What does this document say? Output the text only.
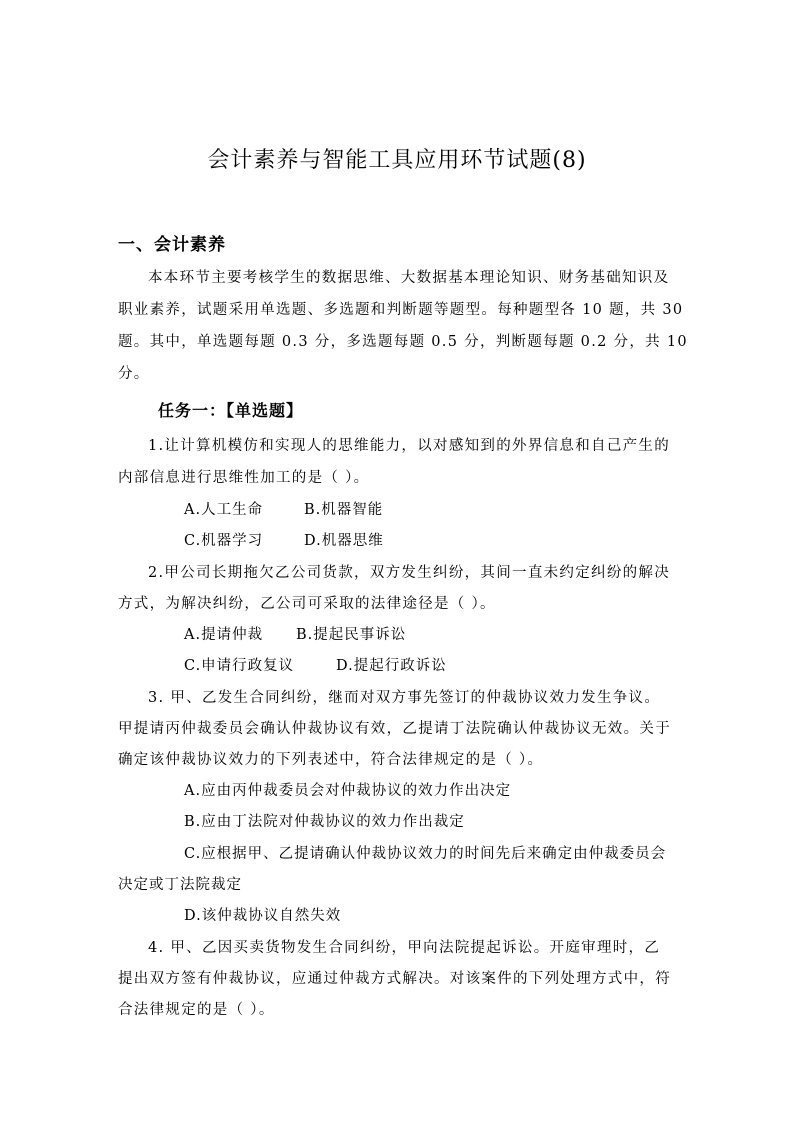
会计素养与智能工具应用环节试题(8)
一、会计素养
本本环节主要考核学生的数据思维、大数据基本理论知识、财务基础知识及
职业素养，试题采用单选题、多选题和判断题等题型。每种题型各 10 题，共 30
题。其中，单选题每题 0.3 分，多选题每题 0.5 分，判断题每题 0.2 分，共 10
分。
任务一：【单选题】
1.让计算机模仿和实现人的思维能力，以对感知到的外界信息和自己产生的
内部信息进行思维性加工的是（ ）。
A.人工生命	B.机器智能
C.机器学习	D.机器思维
2.甲公司长期拖欠乙公司货款，双方发生纠纷，其间一直未约定纠纷的解决
方式，为解决纠纷，乙公司可采取的法律途径是（ ）。
A.提请仲裁 B.提起民事诉讼
C.申请行政复议	D.提起行政诉讼
3. 甲、乙发生合同纠纷，继而对双方事先签订的仲裁协议效力发生争议。
甲提请丙仲裁委员会确认仲裁协议有效，乙提请丁法院确认仲裁协议无效。关于
确定该仲裁协议效力的下列表述中，符合法律规定的是（ ）。
A.应由丙仲裁委员会对仲裁协议的效力作出决定
B.应由丁法院对仲裁协议的效力作出裁定
C.应根据甲、乙提请确认仲裁协议效力的时间先后来确定由仲裁委员会
决定或丁法院裁定
D.该仲裁协议自然失效
4. 甲、乙因买卖货物发生合同纠纷，甲向法院提起诉讼。开庭审理时，乙
提出双方签有仲裁协议，应通过仲裁方式解决。对该案件的下列处理方式中，符
合法律规定的是（ ）。
